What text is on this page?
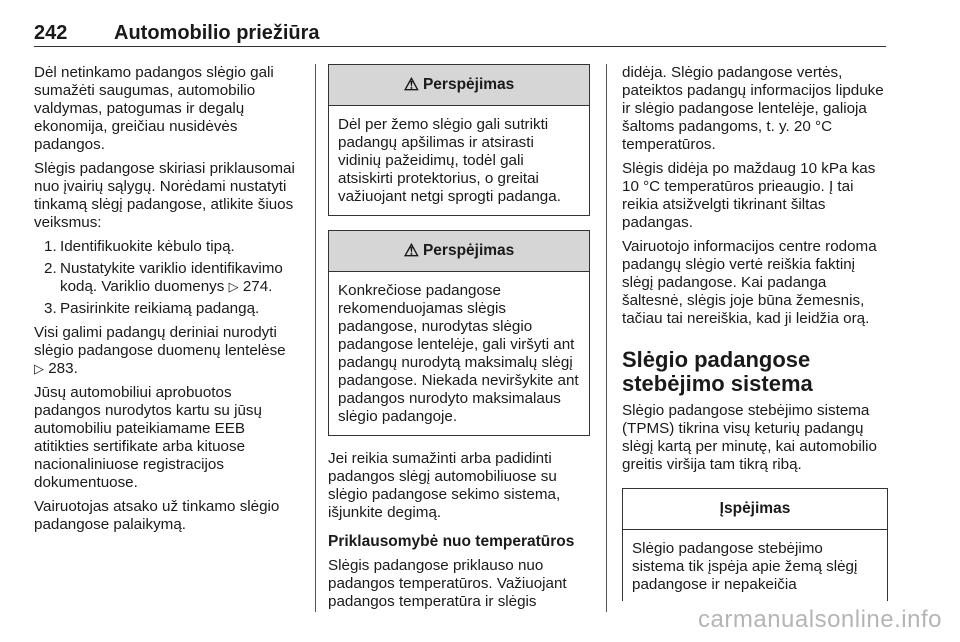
242 Automobilio priežiūra

Dėl netinkamo padangos slėgio gali sumažėti saugumas, automobilio valdymas, patogumas ir degalų ekonomija, greičiau nusidėvės padangos.

Slėgis padangose skiriasi priklausomai nuo įvairių sąlygų. Norėdami nustatyti tinkamą slėgį padangose, atlikite šiuos veiksmus:

1. Identifikuokite kėbulo tipą.
2. Nustatykite variklio identifikavimo kodą. Variklio duomenys ▷ 274.
3. Pasirinkite reikiamą padangą.

Visi galimi padangų deriniai nurodyti slėgio padangose duomenų lentelėse
▷ 283.

Jūsų automobiliui aprobuotos padangos nurodytos kartu su jūsų automobiliu pateikiamame EEB atitikties sertifikate arba kituose nacionaliniuose registracijos dokumentuose.

Vairuotojas atsako už tinkamo slėgio padangose palaikymą.

⚠ Perspėjimas
Dėl per žemo slėgio gali sutrikti padangų apšilimas ir atsirasti vidinių pažeidimų, todėl gali atsiskirti protektorius, o greitai važiuojant netgi sprogti padanga.
⚠ Perspėjimas
Konkrečiose padangose rekomenduojamas slėgis padangose, nurodytas slėgio padangose lentelėje, gali viršyti ant padangų nurodytą maksimalų slėgį padangose. Niekada neviršykite ant padangos nurodyto maksimalaus slėgio padangoje.

Jei reikia sumažinti arba padidinti padangos slėgį automobiliuose su slėgio padangose sekimo sistema, išjunkite degimą.

Priklausomybė nuo temperatūros

Slėgis padangose priklauso nuo padangos temperatūros. Važiuojant padangos temperatūra ir slėgis

didėja. Slėgio padangose vertės, pateiktos padangų informacijos lipduke ir slėgio padangose lentelėje, galioja šaltoms padangoms, t. y. 20 °C temperatūros.

Slėgis didėja po maždaug 10 kPa kas 10 °C temperatūros prieaugio. Į tai reikia atsižvelgti tikrinant šiltas padangas.

Vairuotojo informacijos centre rodoma padangų slėgio vertė reiškia faktinį slėgį padangose. Kai padanga šaltesnė, slėgis joje būna žemesnis, tačiau tai nereiškia, kad ji leidžia orą.

Slėgio padangose stebėjimo sistema

Slėgio padangose stebėjimo sistema (TPMS) tikrina visų keturių padangų slėgį kartą per minutę, kai automobilio greitis viršija tam tikrą ribą.

Įspėjimas
Slėgio padangose stebėjimo sistema tik įspėja apie žemą slėgį padangose ir nepakeičia
carmanualsonline.info
